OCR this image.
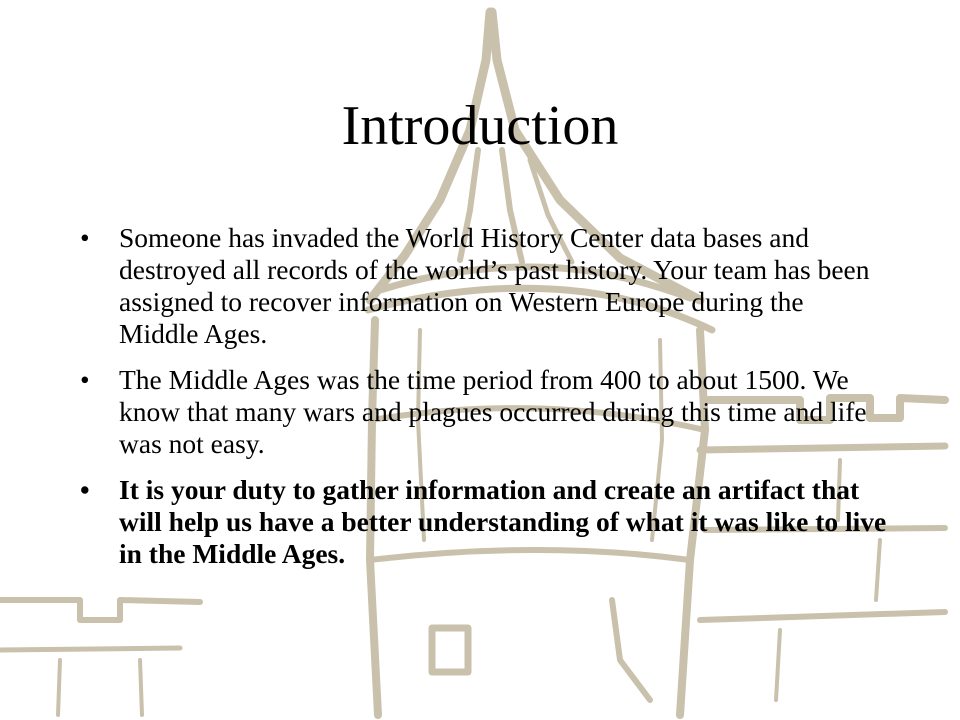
Introduction
• Someone has invaded the World History Center data bases and destroyed all records of the world’s past history. Your team has been assigned to recover information on Western Europe during the Middle Ages.
• The Middle Ages was the time period from 400 to about 1500. We know that many wars and plagues occurred during this time and life was not easy.
• It is your duty to gather information and create an artifact that will help us have a better understanding of what it was like to live in the Middle Ages.
